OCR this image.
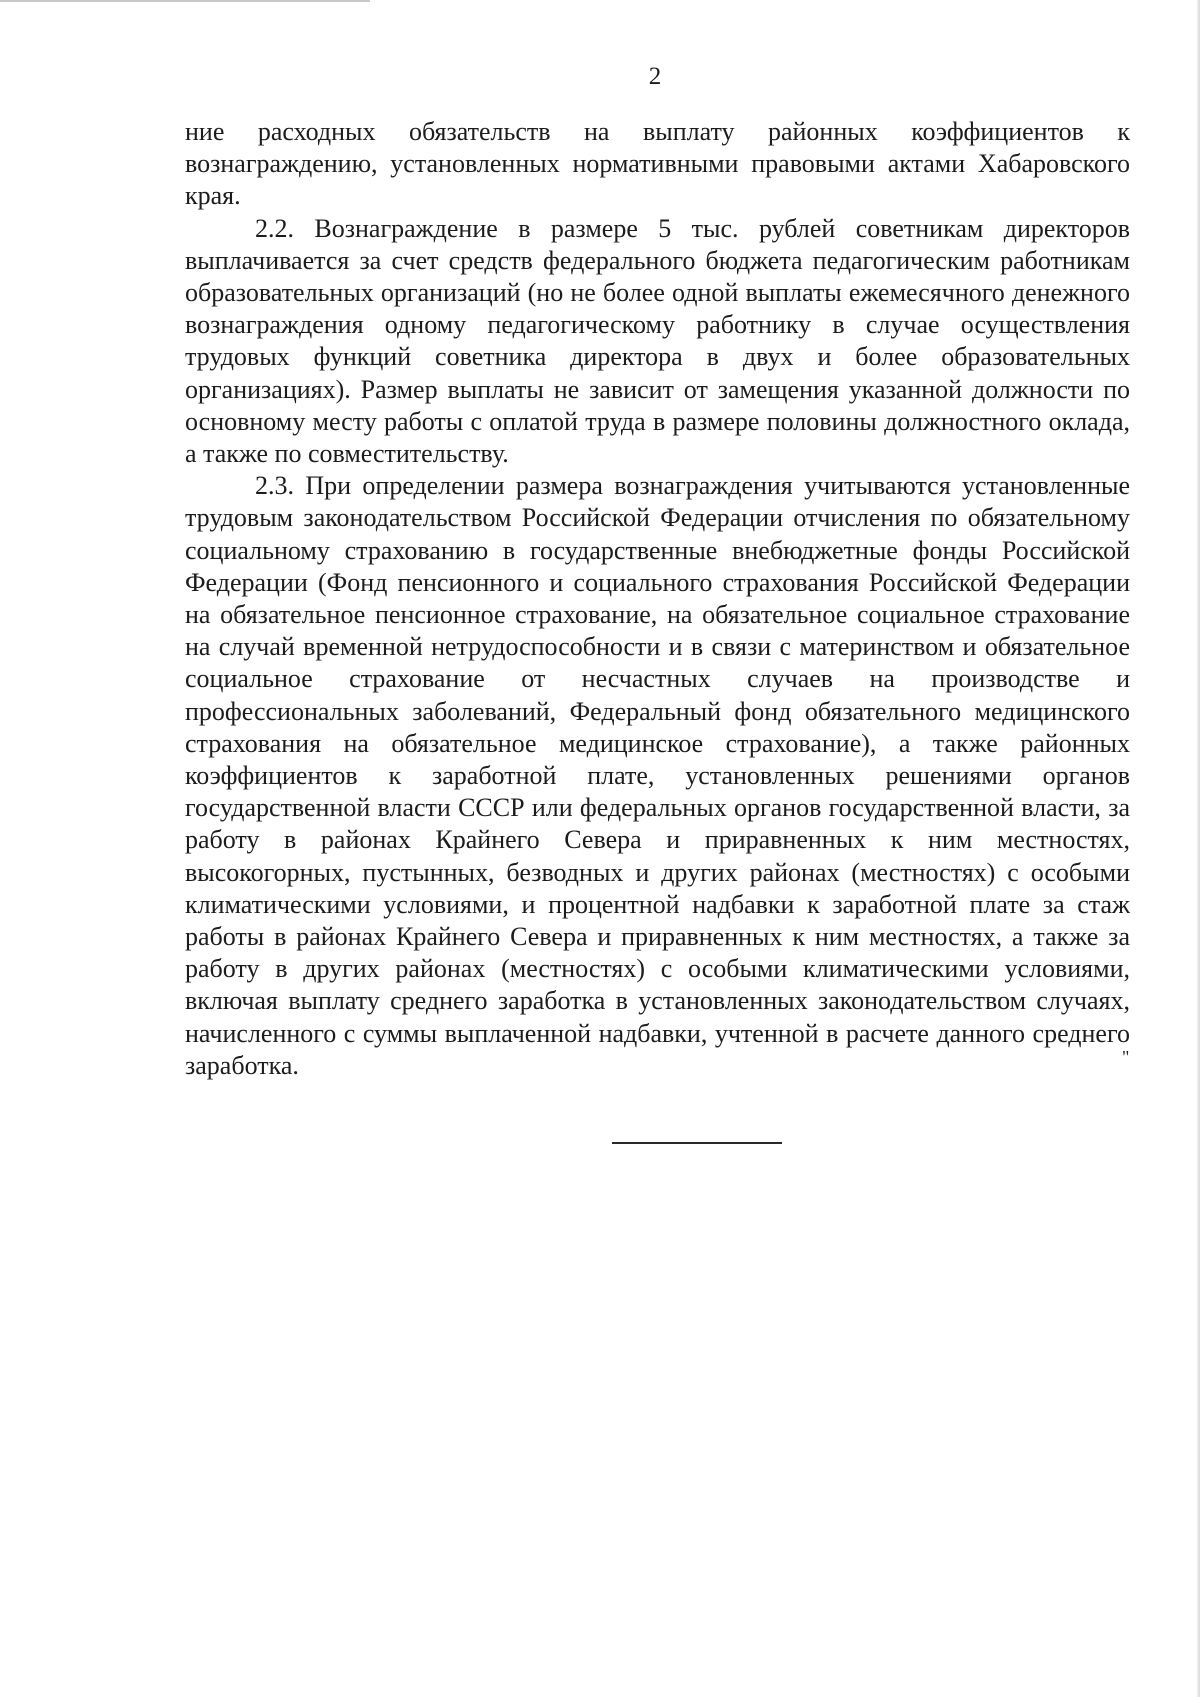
2

ние расходных обязательств на выплату районных коэффициентов к вознаграждению, установленных нормативными правовыми актами Хабаровского края.

2.2. Вознаграждение в размере 5 тыс. рублей советникам директоров выплачивается за счет средств федерального бюджета педагогическим работникам образовательных организаций (но не более одной выплаты ежемесячного денежного вознаграждения одному педагогическому работнику в случае осуществления трудовых функций советника директора в двух и более образовательных организациях). Размер выплаты не зависит от замещения указанной должности по основному месту работы с оплатой труда в размере половины должностного оклада, а также по совместительству.

2.3. При определении размера вознаграждения учитываются установленные трудовым законодательством Российской Федерации отчисления по обязательному социальному страхованию в государственные внебюджетные фонды Российской Федерации (Фонд пенсионного и социального страхования Российской Федерации на обязательное пенсионное страхование, на обязательное социальное страхование на случай временной нетрудоспособности и в связи с материнством и обязательное социальное страхование от несчастных случаев на производстве и профессиональных заболеваний, Федеральный фонд обязательного медицинского страхования на обязательное медицинское страхование), а также районных коэффициентов к заработной плате, установленных решениями органов государственной власти СССР или федеральных органов государственной власти, за работу в районах Крайнего Севера и приравненных к ним местностях, высокогорных, пустынных, безводных и других районах (местностях) с особыми климатическими условиями, и процентной надбавки к заработной плате за стаж работы в районах Крайнего Севера и приравненных к ним местностях, а также за работу в других районах (местностях) с особыми климатическими условиями, включая выплату среднего заработка в установленных законодательством случаях, начисленного с суммы выплаченной надбавки, учтенной в расчете данного среднего заработка.	"
